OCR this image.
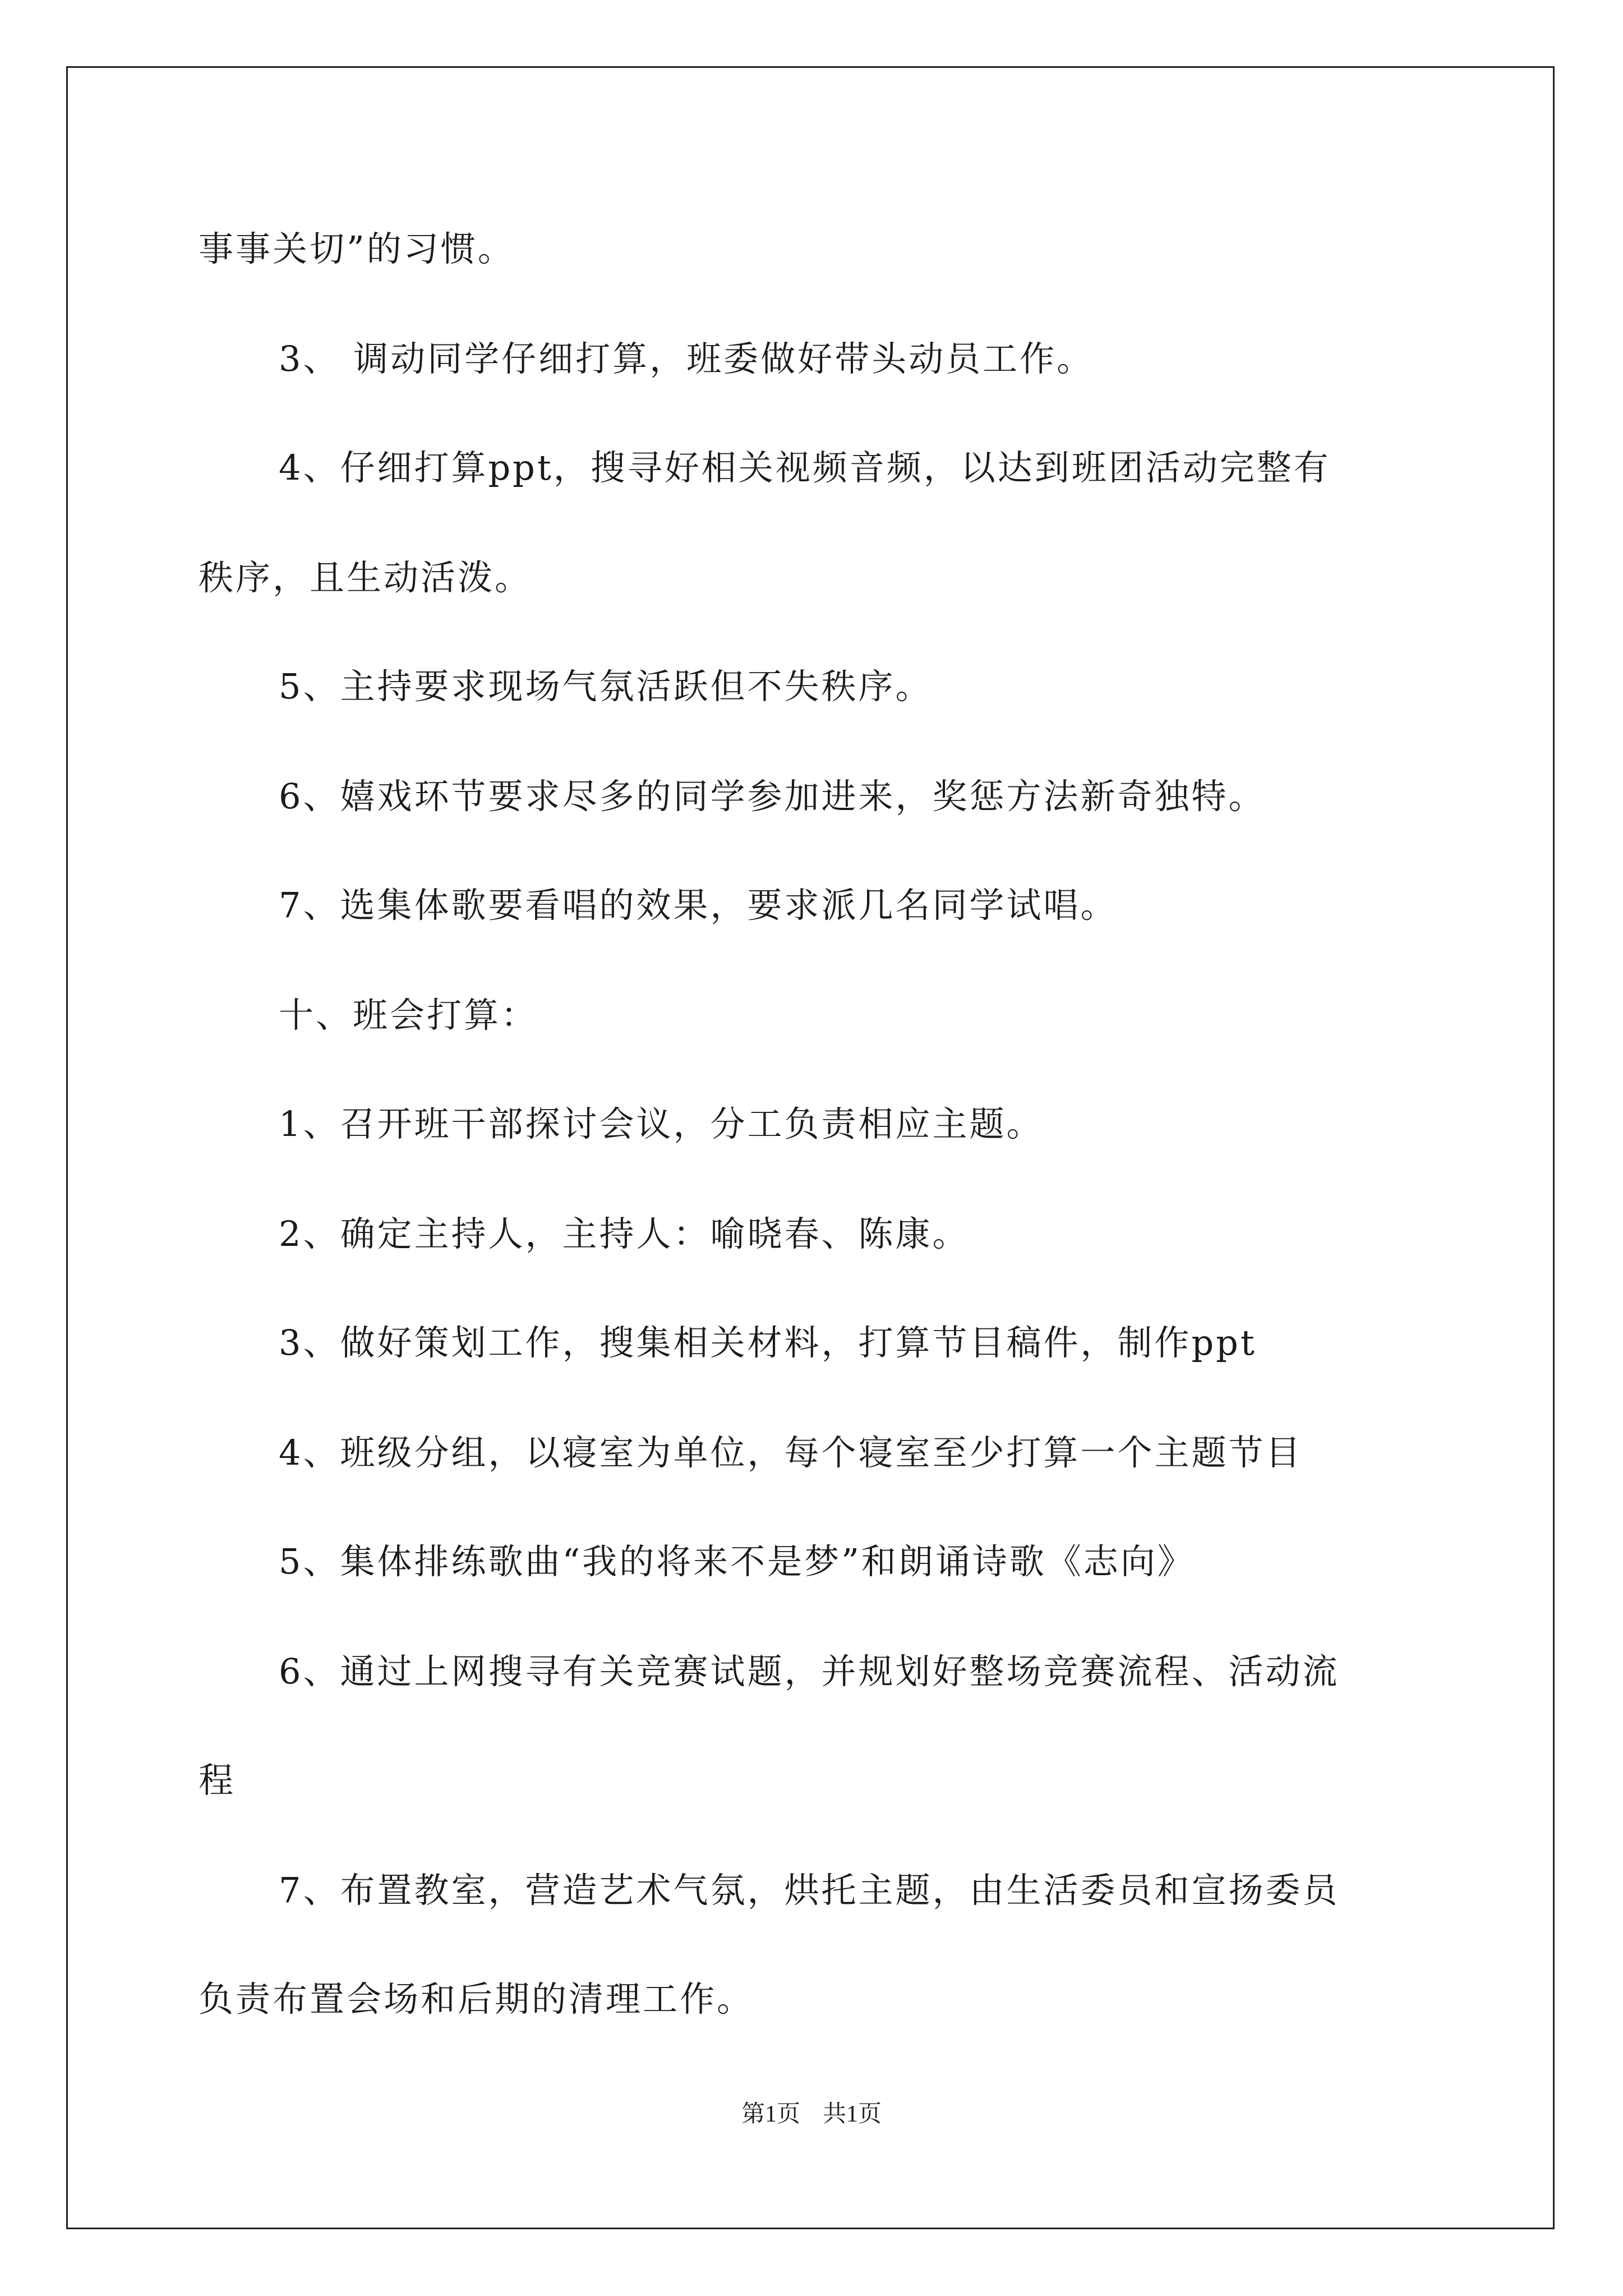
事事关切”的习惯。
3、 调动同学仔细打算，班委做好带头动员工作。
4、仔细打算ppt，搜寻好相关视频音频，以达到班团活动完整有
秩序，且生动活泼。
5、主持要求现场气氛活跃但不失秩序。
6、嬉戏环节要求尽多的同学参加进来，奖惩方法新奇独特。
7、选集体歌要看唱的效果，要求派几名同学试唱。
十、班会打算：
1、召开班干部探讨会议，分工负责相应主题。
2、确定主持人，主持人：喻晓春、陈康。
3、做好策划工作，搜集相关材料，打算节目稿件，制作ppt
4、班级分组，以寝室为单位，每个寝室至少打算一个主题节目
5、集体排练歌曲“我的将来不是梦”和朗诵诗歌《志向》
6、通过上网搜寻有关竞赛试题，并规划好整场竞赛流程、活动流
程
7、布置教室，营造艺术气氛，烘托主题，由生活委员和宣扬委员
负责布置会场和后期的清理工作。
第1页 共1页
